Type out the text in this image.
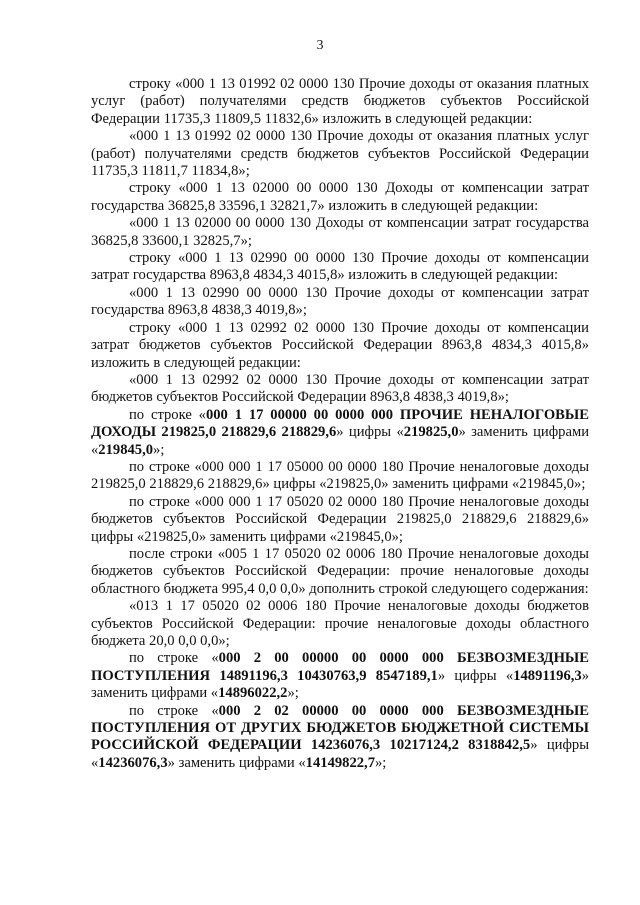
3

строку «000 1 13 01992 02 0000 130 Прочие доходы от оказания платных услуг (работ) получателями средств бюджетов субъектов Российской Федерации 11735,3 11809,5 11832,6» изложить в следующей редакции:

«000 1 13 01992 02 0000 130 Прочие доходы от оказания платных услуг (работ) получателями средств бюджетов субъектов Российской Федерации 11735,3 11811,7 11834,8»;

строку «000 1 13 02000 00 0000 130 Доходы от компенсации затрат государства 36825,8 33596,1 32821,7» изложить в следующей редакции:

«000 1 13 02000 00 0000 130 Доходы от компенсации затрат государства 36825,8 33600,1 32825,7»;

строку «000 1 13 02990 00 0000 130 Прочие доходы от компенсации затрат государства 8963,8 4834,3 4015,8» изложить в следующей редакции:

«000 1 13 02990 00 0000 130 Прочие доходы от компенсации затрат государства 8963,8 4838,3 4019,8»;

строку «000 1 13 02992 02 0000 130 Прочие доходы от компенсации затрат бюджетов субъектов Российской Федерации 8963,8 4834,3 4015,8» изложить в следующей редакции:

«000 1 13 02992 02 0000 130 Прочие доходы от компенсации затрат бюджетов субъектов Российской Федерации 8963,8 4838,3 4019,8»;

по строке «000 1 17 00000 00 0000 000 ПРОЧИЕ НЕНАЛОГОВЫЕ ДОХОДЫ 219825,0 218829,6 218829,6» цифры «219825,0» заменить цифрами «219845,0»;

по строке «000 000 1 17 05000 00 0000 180 Прочие неналоговые доходы 219825,0 218829,6 218829,6» цифры «219825,0» заменить цифрами «219845,0»;

по строке «000 000 1 17 05020 02 0000 180 Прочие неналоговые доходы бюджетов субъектов Российской Федерации 219825,0 218829,6 218829,6» цифры «219825,0» заменить цифрами «219845,0»;

после строки «005 1 17 05020 02 0006 180 Прочие неналоговые доходы бюджетов субъектов Российской Федерации: прочие неналоговые доходы областного бюджета 995,4 0,0 0,0» дополнить строкой следующего содержания:

«013 1 17 05020 02 0006 180 Прочие неналоговые доходы бюджетов субъектов Российской Федерации: прочие неналоговые доходы областного бюджета 20,0 0,0 0,0»;

по строке «000 2 00 00000 00 0000 000 БЕЗВОЗМЕЗДНЫЕ ПОСТУПЛЕНИЯ 14891196,3 10430763,9 8547189,1» цифры «14891196,3» заменить цифрами «14896022,2»;

по строке «000 2 02 00000 00 0000 000 БЕЗВОЗМЕЗДНЫЕ ПОСТУПЛЕНИЯ ОТ ДРУГИХ БЮДЖЕТОВ БЮДЖЕТНОЙ СИСТЕМЫ РОССИЙСКОЙ ФЕДЕРАЦИИ 14236076,3 10217124,2 8318842,5» цифры «14236076,3» заменить цифрами «14149822,7»;
